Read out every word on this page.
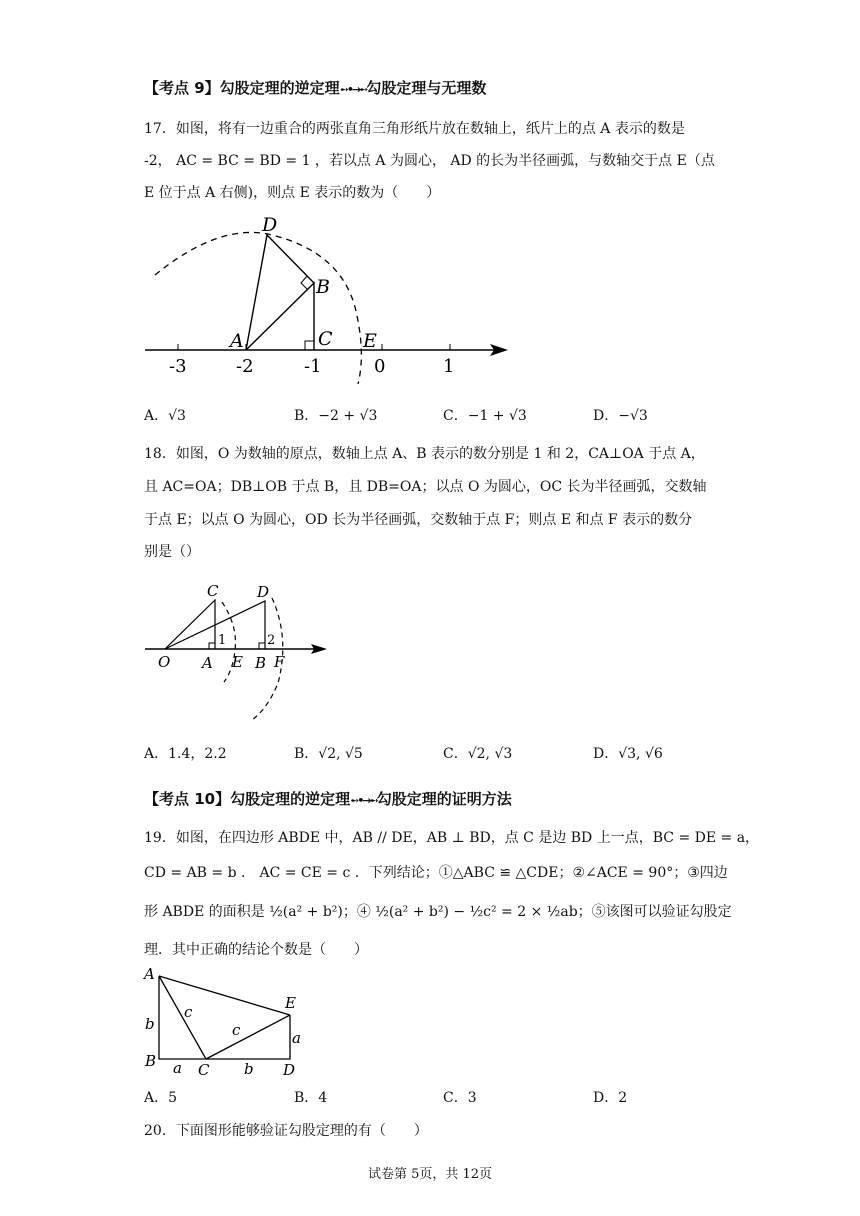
【考点 9】勾股定理的逆定理➻•→➻勾股定理与无理数
17．如图，将有一边重合的两张直角三角形纸片放在数轴上，纸片上的点 A 表示的数是
-2， AC = BC = BD = 1 ，若以点 A 为圆心， AD 的长为半径画弧，与数轴交于点 E（点
E 位于点 A 右侧)，则点 E 表示的数为（　　）
D
B
A	C E
-3	-2	-1	0	1
A．√3	B．−2 + √3	C．−1 + √3	D．−√3
18．如图，O 为数轴的原点，数轴上点 A、B 表示的数分别是 1 和 2，CA⊥OA 于点 A，
且 AC=OA；DB⊥OB 于点 B，且 DB=OA；以点 O 为圆心，OC 长为半径画弧，交数轴
于点 E；以点 O 为圆心，OD 长为半径画弧，交数轴于点 F；则点 E 和点 F 表示的数分
别是（）
C	D
1	2
O A E B F
A．1.4，2.2	B．√2, √5	C．√2, √3	D．√3, √6
【考点 10】勾股定理的逆定理➻•→➻勾股定理的证明方法
19．如图，在四边形 ABDE 中，AB // DE，AB ⊥ BD，点 C 是边 BD 上一点，BC = DE = a，
CD = AB = b ． AC = CE = c ．下列结论；①△ABC ≌ △CDE；②∠ACE = 90°；③四边
形 ABDE 的面积是 ½(a² + b²)；④ ½(a² + b²) − ½c² = 2 × ½ab；⑤该图可以验证勾股定
理．其中正确的结论个数是（　　）
A
E
b
c
c	a
B a C b D
A．5	B．4	C．3	D．2
20．下面图形能够验证勾股定理的有（　　）
试卷第 5页，共 12页
